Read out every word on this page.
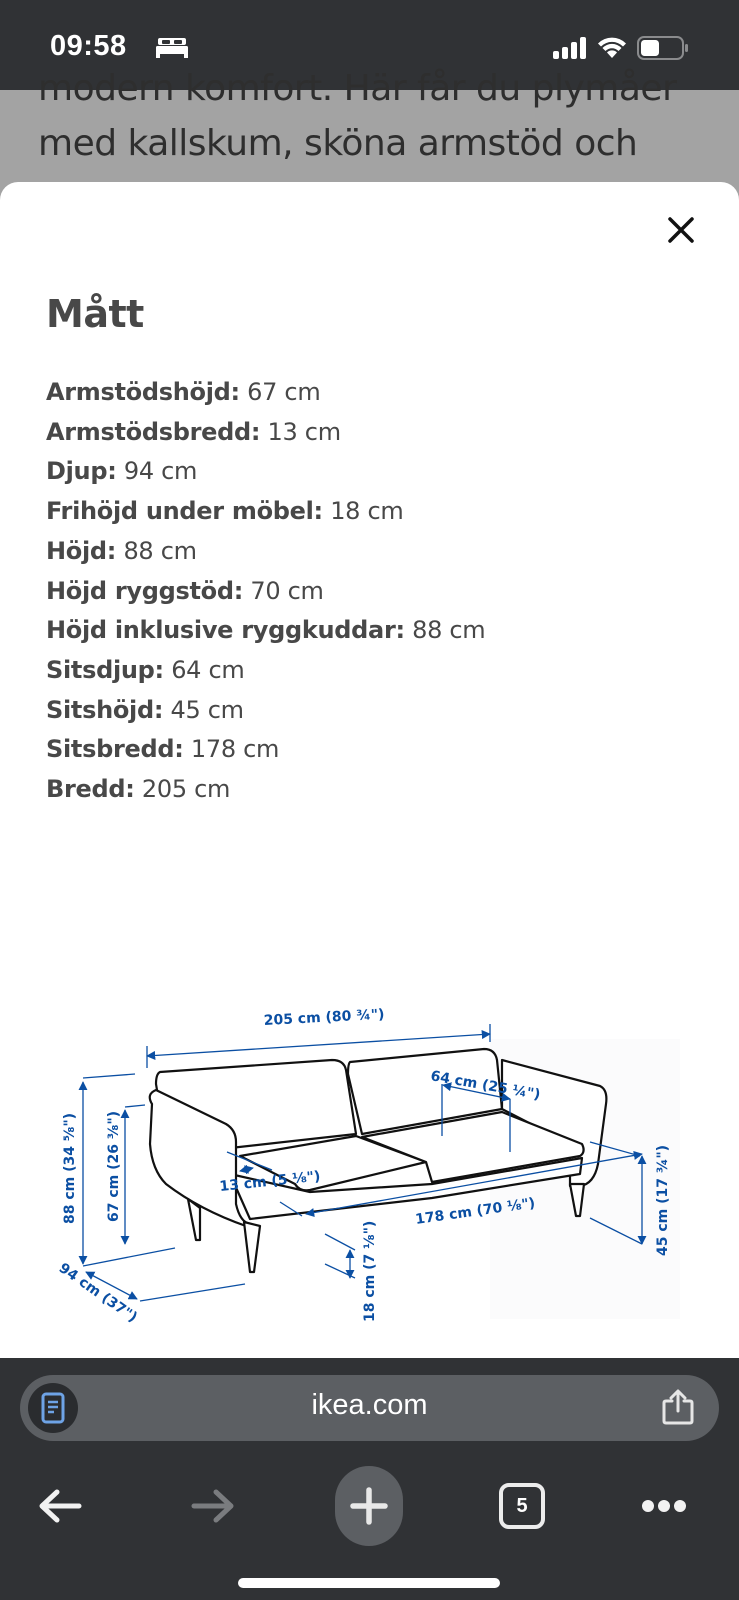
09:58
modern komfort. Här får du plymåer
med kallskum, sköna armstöd och
Mått
Armstödshöjd: 67 cm
Armstödsbredd: 13 cm
Djup: 94 cm
Frihöjd under möbel: 18 cm
Höjd: 88 cm
Höjd ryggstöd: 70 cm
Höjd inklusive ryggkuddar: 88 cm
Sitsdjup: 64 cm
Sitshöjd: 45 cm
Sitsbredd: 178 cm
Bredd: 205 cm
205 cm (80 ¾")
64 cm (25 ¼")
88 cm (34 ⅝") 67 cm (26 ⅜")	13 cm (5 ⅛")
178 cm (70 ⅛")	45 cm (17 ¾")
94 cm (37")	18 cm (7 ⅛")
ikea.com
5
